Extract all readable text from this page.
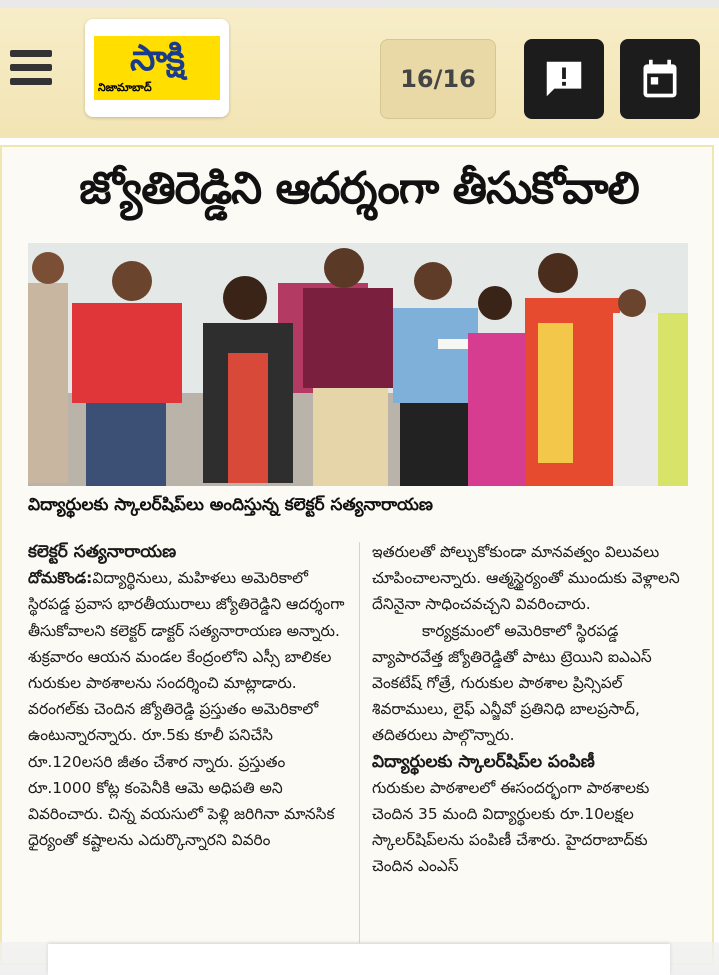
సాక్షి
నిజామాబాద్	16/16
జ్యోతిరెడ్డిని ఆదర్శంగా తీసుకోవాలి
విద్యార్థులకు స్కాలర్‌షిప్‌లు అందిస్తున్న కలెక్టర్‌ సత్యనారాయణ

కలెక్టర్‌ సత్యనారాయణ

దోమకొండ:విద్యార్థినులు, మహిళలు అమెరికాలో స్థిరపడ్డ ప్రవాస భారతీయురాలు జ్యోతిరెడ్డిని ఆదర్శంగా తీసుకోవాలని కలెక్టర్‌ డాక్టర్‌ సత్యనారాయణ అన్నారు. శుక్రవారం ఆయన మండల కేంద్రంలోని ఎస్సీ బాలికల గురుకుల పాఠశాలను సందర్శించి మాట్లాడారు. వరంగల్‌కు చెందిన జ్యోతిరెడ్డి ప్రస్తుతం అమెరికాలో ఉంటున్నారన్నారు. రూ.5కు కూలీ పనిచేసి రూ.120లసరి జీతం చేశార న్నారు. ప్రస్తుతం రూ.1000 కోట్ల కంపెనీకి ఆమె అధిపతి అని వివరించారు. చిన్న వయసులో పెళ్లి జరిగినా మానసిక ధైర్యంతో కష్టాలను ఎదుర్కొన్నారని వివరిం

ఇతరులతో పోల్చుకోకుండా మానవత్వం విలువలు చూపించాలన్నారు. ఆత్మస్థైర్యంతో ముందుకు వెళ్లాలని దేనినైనా సాధించవచ్చని వివరించారు.

కార్యక్రమంలో అమెరికాలో స్థిరపడ్డ వ్యాపారవేత్త జ్యోతిరెడ్డితో పాటు ట్రెయిని ఐఎఎస్‌ వెంకటేష్‌ గోత్రే, గురుకుల పాఠశాల ప్రిన్సిపల్‌ శివరాములు, లైఫ్‌ ఎన్జీవో ప్రతినిధి బాలప్రసాద్‌, తదితరులు పాల్గొన్నారు.

విద్యార్థులకు స్కాలర్‌షిప్‌ల పంపిణీ

గురుకుల పాఠశాలలో ఈసందర్భంగా పాఠశాలకు చెందిన 35 మంది విద్యార్థులకు రూ.10లక్షల స్కాలర్‌షిప్‌లను పంపిణీ చేశారు. హైదరాబాద్‌కు చెందిన ఎంఎస్‌
